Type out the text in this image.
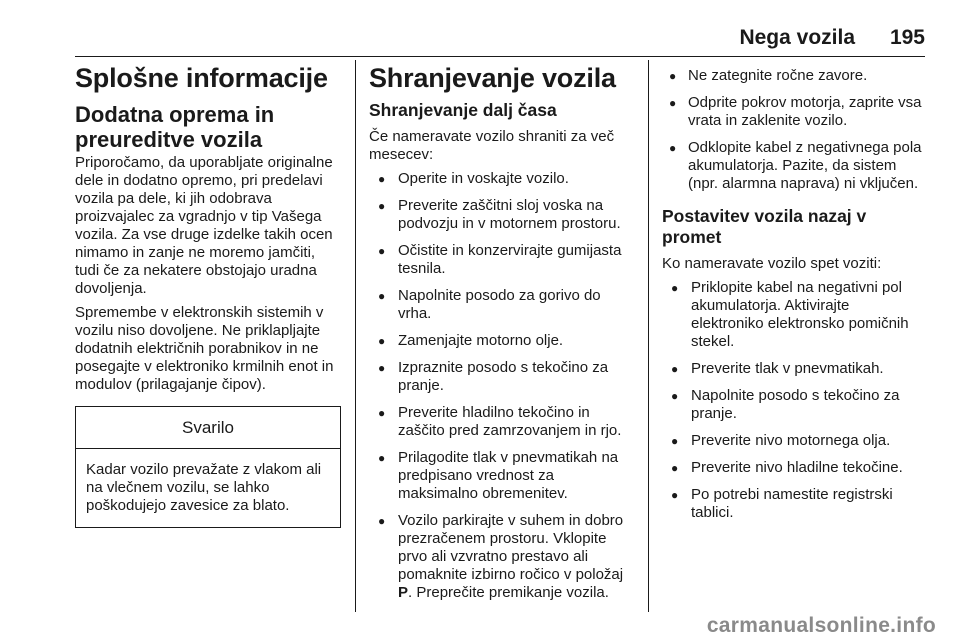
Nega vozila 195
Splošne informacije
Dodatna oprema in preureditve vozila

Priporočamo, da uporabljate originalne dele in dodatno opremo, pri predelavi vozila pa dele, ki jih odobrava proizvajalec za vgradnjo v tip Vašega vozila. Za vse druge izdelke takih ocen nimamo in zanje ne moremo jamčiti, tudi če za nekatere obstojajo uradna dovoljenja.

Spremembe v elektronskih sistemih v vozilu niso dovoljene. Ne priklapljajte dodatnih električnih porabnikov in ne posegajte v elektroniko krmilnih enot in modulov (prilagajanje čipov).

Svarilo

Kadar vozilo prevažate z vlakom ali na vlečnem vozilu, se lahko poškodujejo zavesice za blato.

Shranjevanje vozila
Shranjevanje dalj časa

Če nameravate vozilo shraniti za več mesecev:

● Operite in voskajte vozilo.
● Preverite zaščitni sloj voska na podvozju in v motornem prostoru.
● Očistite in konzervirajte gumijasta tesnila.
● Napolnite posodo za gorivo do vrha.
● Zamenjajte motorno olje.
● Izpraznite posodo s tekočino za pranje.
● Preverite hladilno tekočino in zaščito pred zamrzovanjem in rjo.
● Prilagodite tlak v pnevmatikah na predpisano vrednost za maksimalno obremenitev.
● Vozilo parkirajte v suhem in dobro prezračenem prostoru. Vklopite prvo ali vzvratno prestavo ali pomaknite izbirno ročico v položaj P. Preprečite premikanje vozila.
● Ne zategnite ročne zavore.
● Odprite pokrov motorja, zaprite vsa vrata in zaklenite vozilo.
● Odklopite kabel z negativnega pola akumulatorja. Pazite, da sistem (npr. alarmna naprava) ni vključen.
Postavitev vozila nazaj v promet

Ko nameravate vozilo spet voziti:

● Priklopite kabel na negativni pol akumulatorja. Aktivirajte elektroniko elektronsko pomičnih stekel.
● Preverite tlak v pnevmatikah.
● Napolnite posodo s tekočino za pranje.
● Preverite nivo motornega olja.
● Preverite nivo hladilne tekočine.
● Po potrebi namestite registrski tablici.
carmanualsonline.info
